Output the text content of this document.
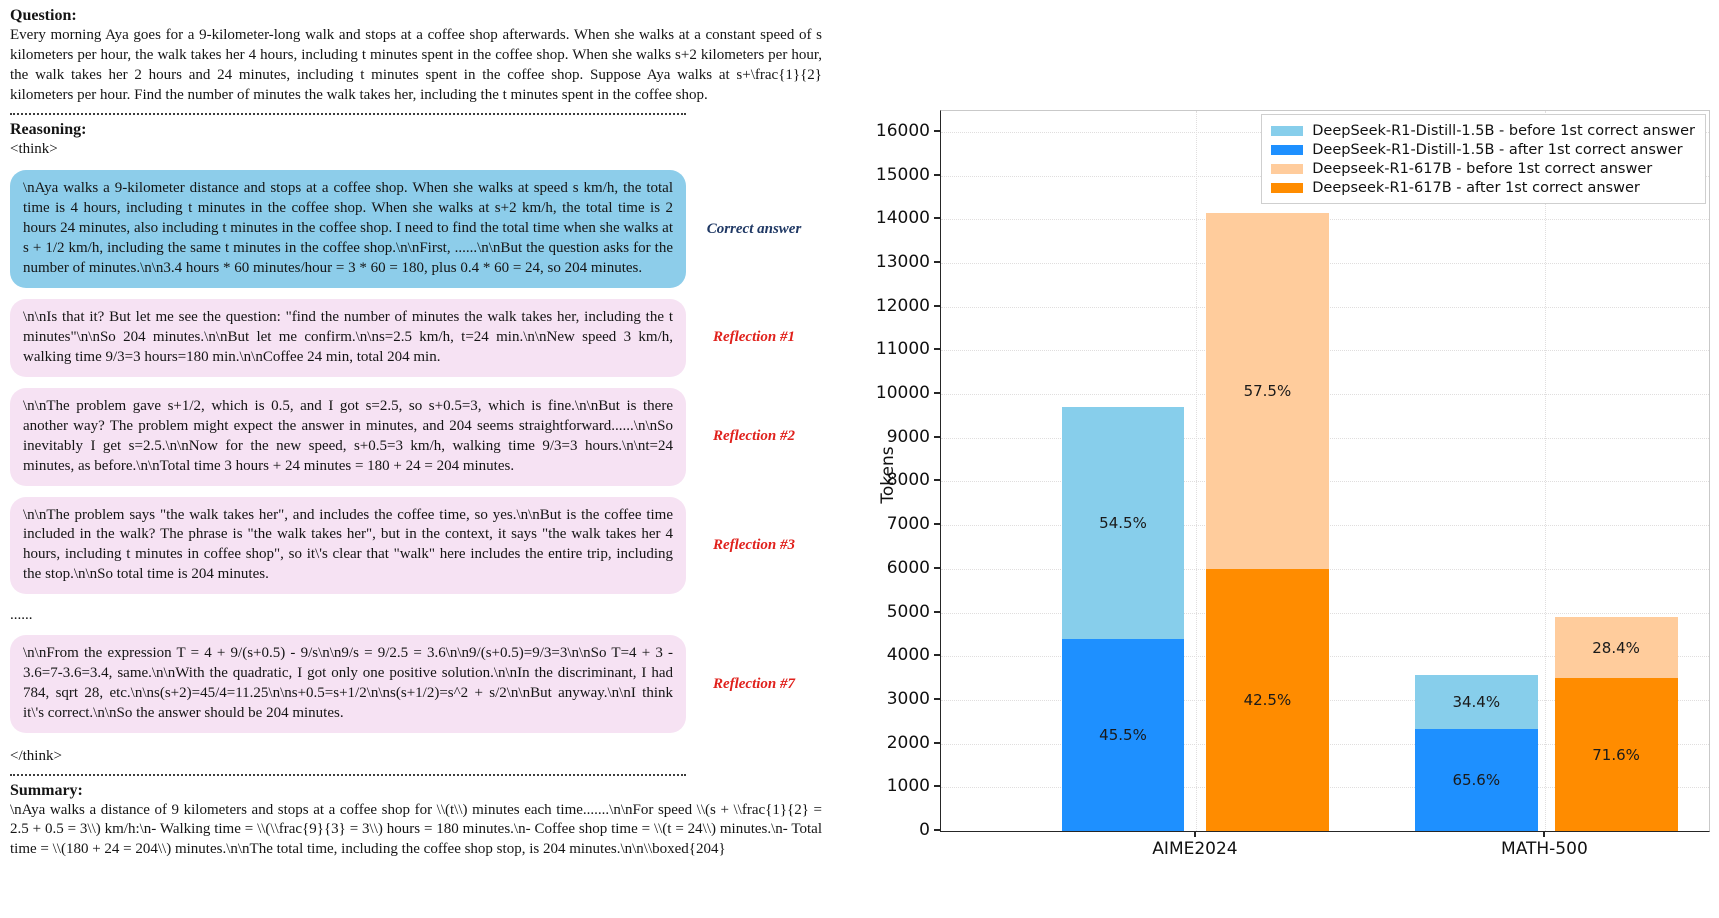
Question:
Every morning Aya goes for a 9-kilometer-long walk and stops at a coffee shop afterwards. When she walks at a constant speed of s kilometers per hour, the walk takes her 4 hours, including t minutes spent in the coffee shop. When she walks s+2 kilometers per hour, the walk takes her 2 hours and 24 minutes, including t minutes spent in the coffee shop. Suppose Aya walks at s+\frac{1}{2} kilometers per hour. Find the number of minutes the walk takes her, including the t minutes spent in the coffee shop.
Reasoning:
<think>
\nAya walks a 9-kilometer distance and stops at a coffee shop. When she walks at speed s km/h, the total time is 4 hours, including t minutes in the coffee shop. When she walks at s+2 km/h, the total time is 2 hours 24 minutes, also including t minutes in the coffee shop. I need to find the total time when she walks at s + 1/2 km/h, including the same t minutes in the coffee shop.\n\nFirst, ......\n\nBut the question asks for the number of minutes.\n\n3.4 hours * 60 minutes/hour = 3 * 60 = 180, plus 0.4 * 60 = 24, so 204 minutes.
Correct answer
\n\nIs that it? But let me see the question: "find the number of minutes the walk takes her, including the t minutes"\n\nSo 204 minutes.\n\nBut let me confirm.\n\ns=2.5 km/h, t=24 min.\n\nNew speed 3 km/h, walking time 9/3=3 hours=180 min.\n\nCoffee 24 min, total 204 min.
Reflection #1
\n\nThe problem gave s+1/2, which is 0.5, and I got s=2.5, so s+0.5=3, which is fine.\n\nBut is there another way? The problem might expect the answer in minutes, and 204 seems straightforward......\n\nSo inevitably I get s=2.5.\n\nNow for the new speed, s+0.5=3 km/h, walking time 9/3=3 hours.\n\nt=24 minutes, as before.\n\nTotal time 3 hours + 24 minutes = 180 + 24 = 204 minutes.
Reflection #2
\n\nThe problem says "the walk takes her", and includes the coffee time, so yes.\n\nBut is the coffee time included in the walk? The phrase is "the walk takes her", but in the context, it says "the walk takes her 4 hours, including t minutes in coffee shop", so it\'s clear that "walk" here includes the entire trip, including the stop.\n\nSo total time is 204 minutes.
Reflection #3
......
\n\nFrom the expression T = 4 + 9/(s+0.5) - 9/s\n\n9/s = 9/2.5 = 3.6\n\n9/(s+0.5)=9/3=3\n\nSo T=4 + 3 - 3.6=7-3.6=3.4, same.\n\nWith the quadratic, I got only one positive solution.\n\nIn the discriminant, I had 784, sqrt 28, etc.\n\ns(s+2)=45/4=11.25\n\ns+0.5=s+1/2\n\ns(s+1/2)=s^2 + s/2\n\nBut anyway.\n\nI think it\'s correct.\n\nSo the answer should be 204 minutes.
Reflection #7
</think>
Summary:
\nAya walks a distance of 9 kilometers and stops at a coffee shop for \\(t\\) minutes each time.......\n\nFor speed \\(s + \\frac{1}{2} = 2.5 + 0.5 = 3\\) km/h:\n- Walking time = \\(\\frac{9}{3} = 3\\) hours = 180 minutes.\n- Coffee shop time = \\(t = 24\\) minutes.\n- Total time = \\(180 + 24 = 204\\) minutes.\n\nThe total time, including the coffee shop stop, is 204 minutes.\n\n\\boxed{204}
Tokens
DeepSeek-R1-Distill-1.5B - before 1st correct answer
DeepSeek-R1-Distill-1.5B - after 1st correct answer
Deepseek-R1-617B - before 1st correct answer
Deepseek-R1-617B - after 1st correct answer
45.5%
54.5%
42.5%
57.5%
65.6%
34.4%
71.6%
28.4%
0
1000
2000
3000
4000
5000
6000
7000
8000
9000
10000
11000
12000
13000
14000
15000
16000
AIME2024	MATH-500
